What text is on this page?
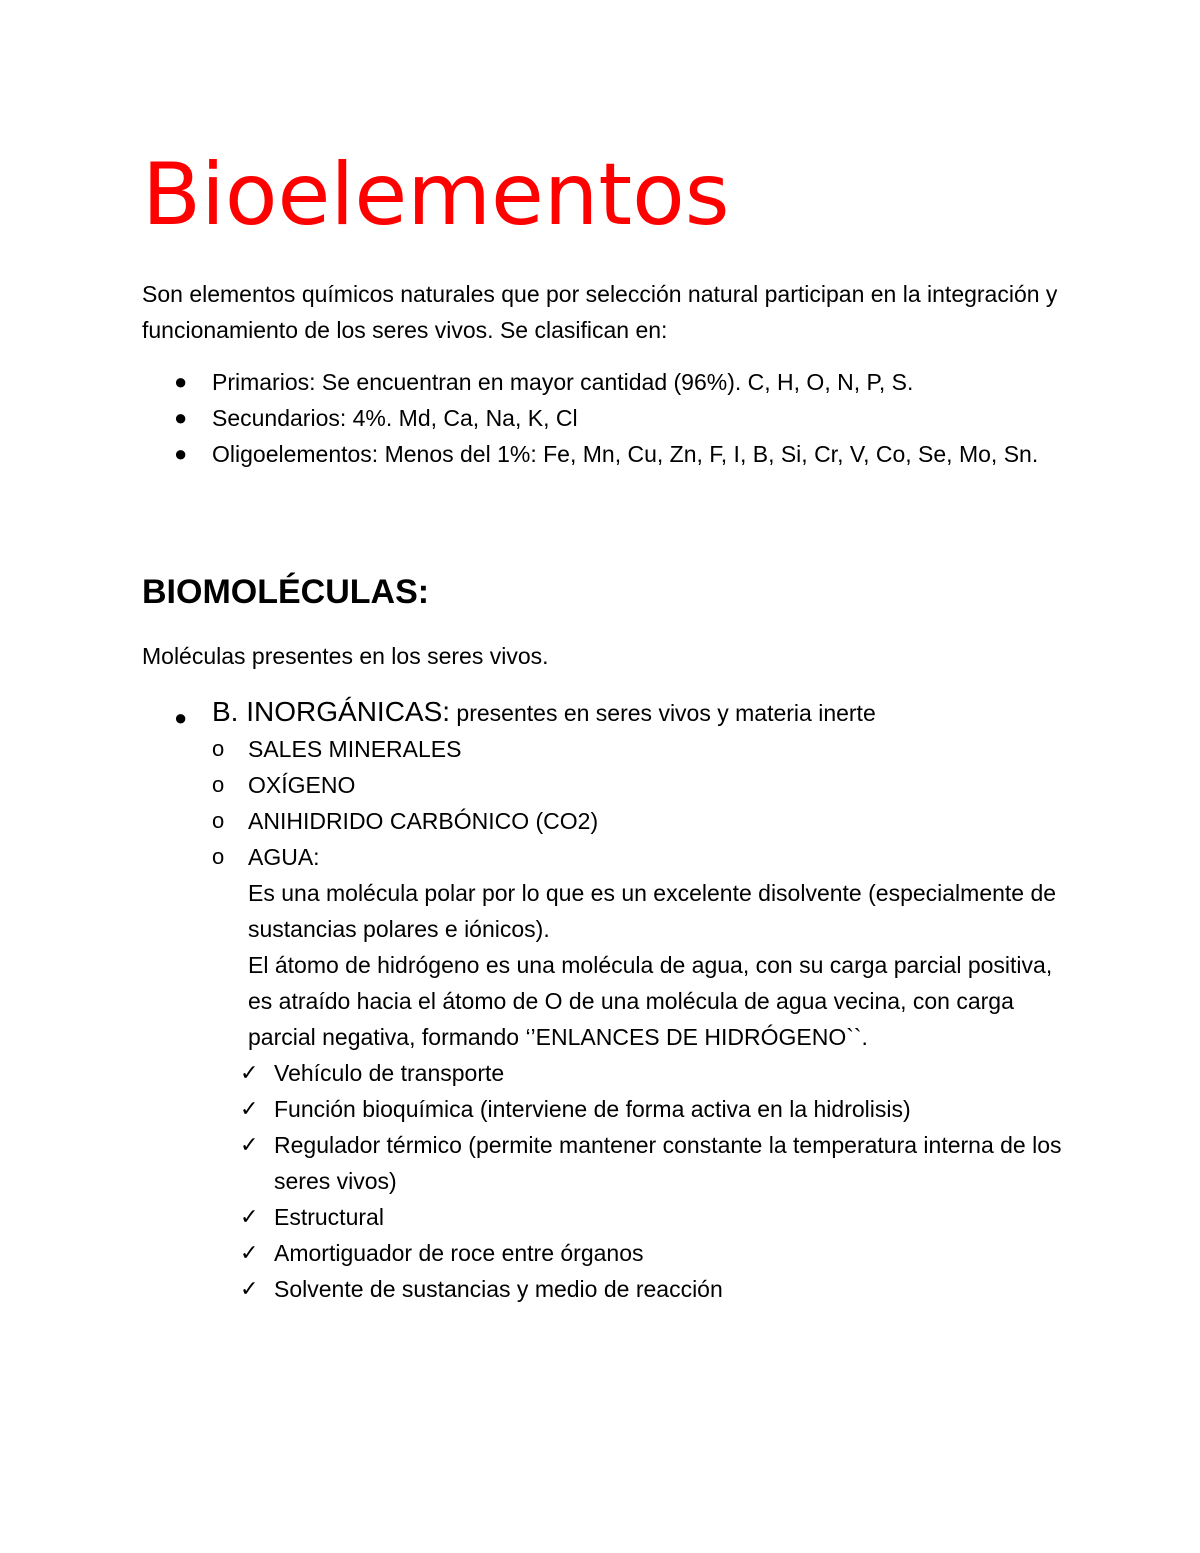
Bioelementos

Son elementos químicos naturales que por selección natural participan en la integración y funcionamiento de los seres vivos. Se clasifican en:

● Primarios: Se encuentran en mayor cantidad (96%). C, H, O, N, P, S.
● Secundarios: 4%. Md, Ca, Na, K, Cl
● Oligoelementos: Menos del 1%: Fe, Mn, Cu, Zn, F, I, B, Si, Cr, V, Co, Se, Mo, Sn.
BIOMOLÉCULAS:

Moléculas presentes en los seres vivos.

● B. INORGÁNICAS: presentes en seres vivos y materia inerte
o SALES MINERALES
o OXÍGENO
o ANIHIDRIDO CARBÓNICO (CO2)
o AGUA:

Es una molécula polar por lo que es un excelente disolvente (especialmente de sustancias polares e iónicos).

El átomo de hidrógeno es una molécula de agua, con su carga parcial positiva, es atraído hacia el átomo de O de una molécula de agua vecina, con carga parcial negativa, formando ‘’ENLANCES DE HIDRÓGENO``.

✓ Vehículo de transporte
✓ Función bioquímica (interviene de forma activa en la hidrolisis)
✓ Regulador térmico (permite mantener constante la temperatura interna de los seres vivos)
✓ Estructural
✓ Amortiguador de roce entre órganos
✓ Solvente de sustancias y medio de reacción
